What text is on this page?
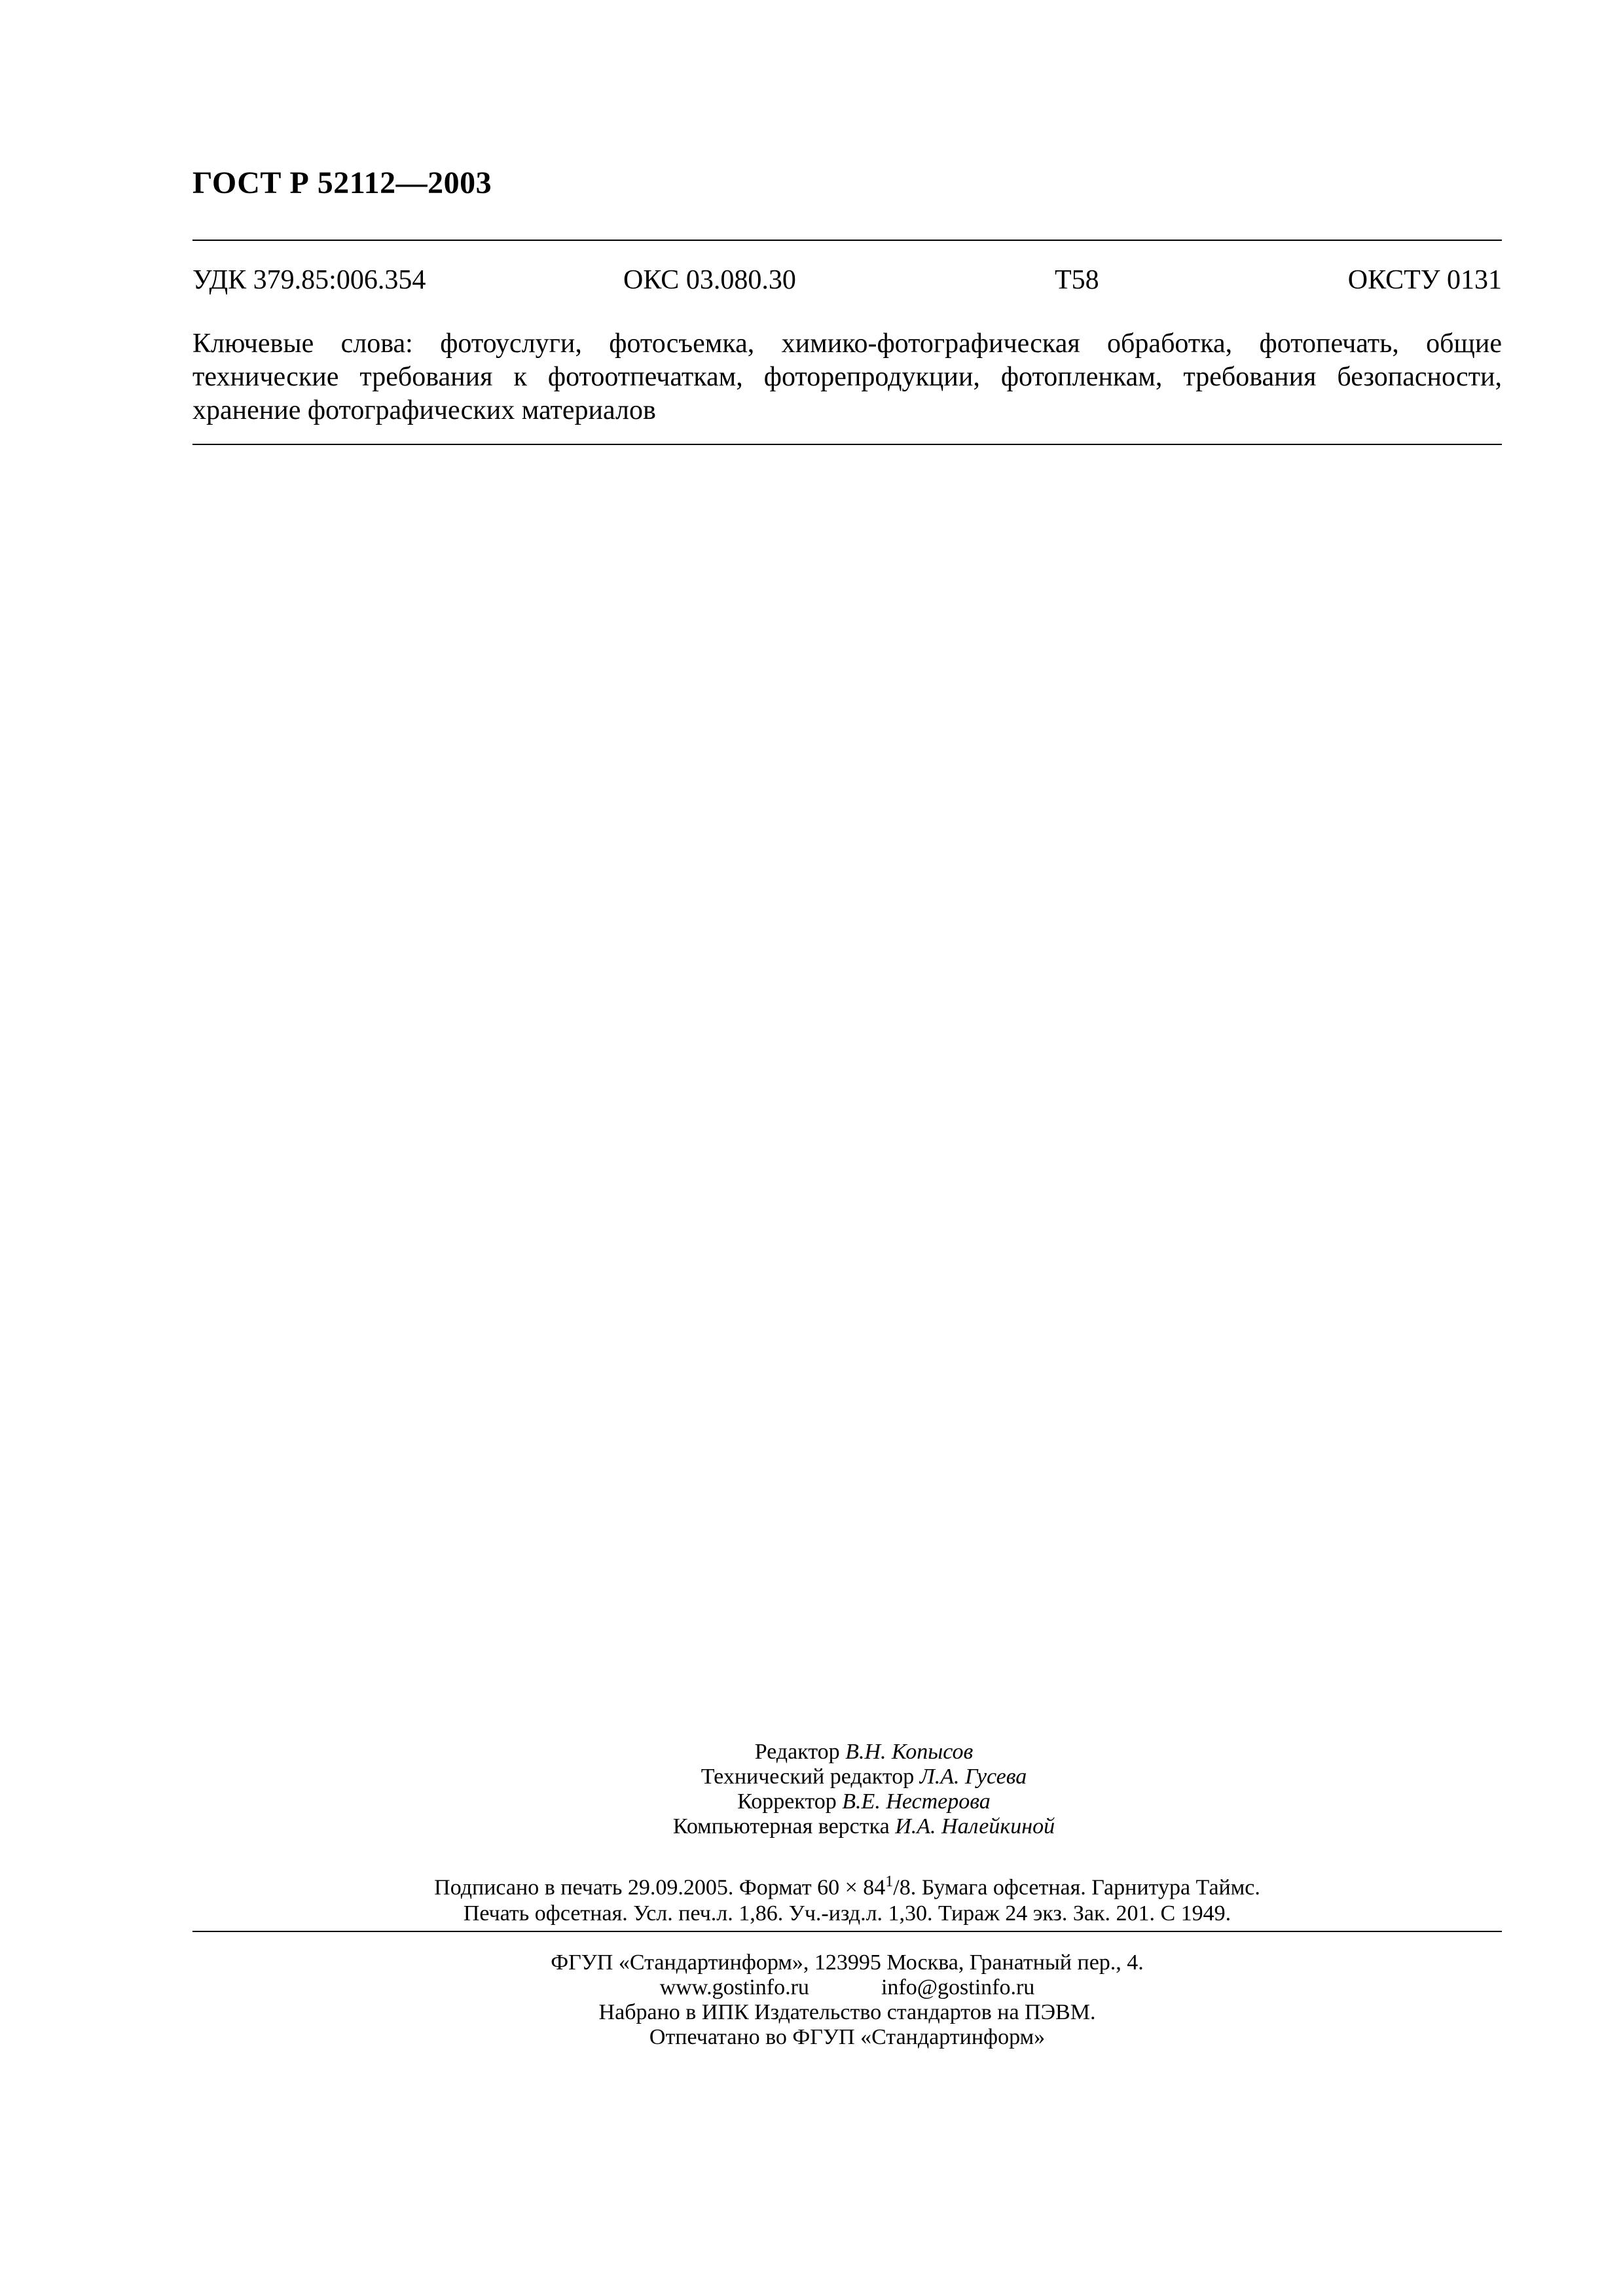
ГОСТ Р 52112—2003
УДК 379.85:006.354	ОКС 03.080.30	Т58	ОКСТУ 0131
Ключевые слова: фотоуслуги, фотосъемка, химико-фотографическая обработка, фотопечать, общие технические требования к фотоотпечаткам, фоторепродукции, фотопленкам, требования безопасности, хранение фотографических материалов
Редактор В.Н. Копысов
Технический редактор Л.А. Гусева
Корректор В.Е. Нестерова
Компьютерная верстка И.А. Налейкиной
Подписано в печать 29.09.2005. Формат $60 \times 84^1/8$. Бумага офсетная. Гарнитура Таймс.
Печать офсетная. Усл. печ.л. 1,86. Уч.-изд.л. 1,30. Тираж 24 экз. Зак. 201. С 1949.
ФГУП «Стандартинформ», 123995 Москва, Гранатный пер., 4.
www.gostinfo.ru	info@gostinfo.ru
Набрано в ИПК Издательство стандартов на ПЭВМ.
Отпечатано во ФГУП «Стандартинформ»
